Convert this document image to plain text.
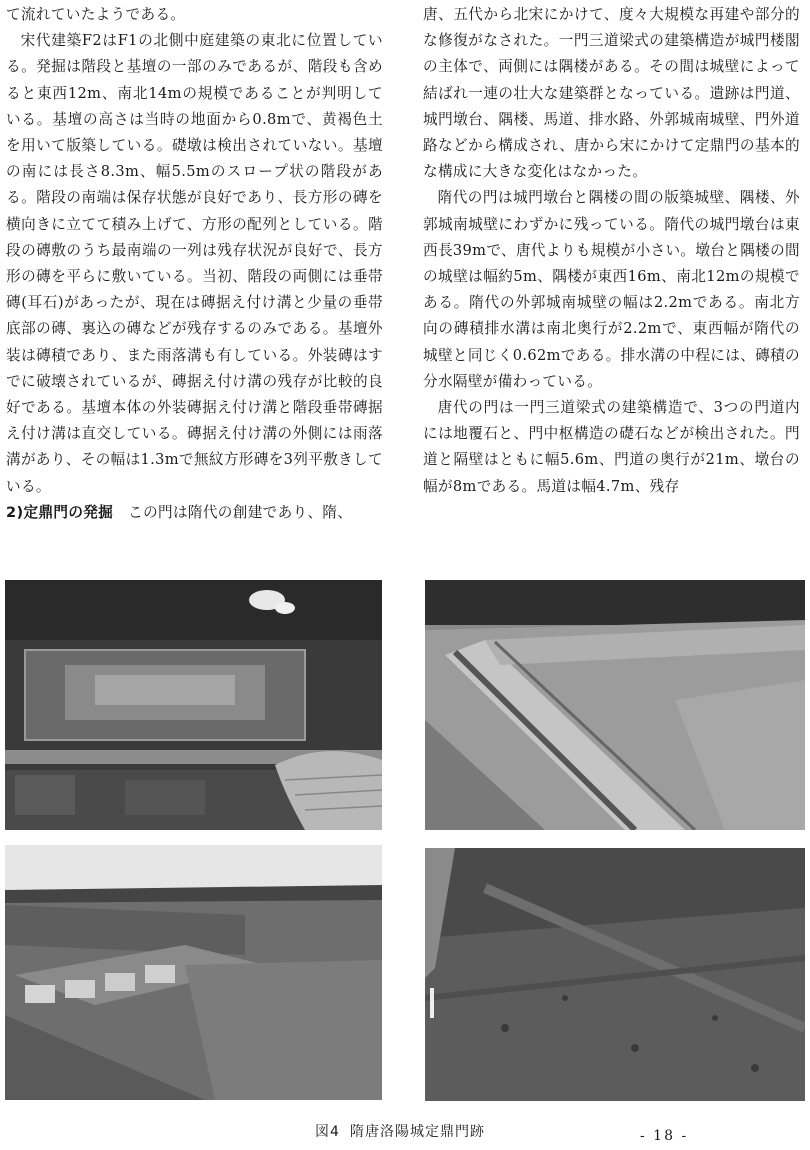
て流れていたようである。

宋代建築F2はF1の北側中庭建築の東北に位置している。発掘は階段と基壇の一部のみであるが、階段も含めると東西12m、南北14mの規模であることが判明している。基壇の高さは当時の地面から0.8mで、黄褐色土を用いて版築している。礎墩は検出されていない。基壇の南には長さ8.3m、幅5.5mのスロープ状の階段がある。階段の南端は保存状態が良好であり、長方形の磚を横向きに立てて積み上げて、方形の配列としている。階段の磚敷のうち最南端の一列は残存状況が良好で、長方形の磚を平らに敷いている。当初、階段の両側には垂帯磚(耳石)があったが、現在は磚据え付け溝と少量の垂帯底部の磚、裏込の磚などが残存するのみである。基壇外装は磚積であり、また雨落溝も有している。外装磚はすでに破壊されているが、磚据え付け溝の残存が比較的良好である。基壇本体の外装磚据え付け溝と階段垂帯磚据え付け溝は直交している。磚据え付け溝の外側には雨落溝があり、その幅は1.3mで無紋方形磚を3列平敷きしている。

2)定鼎門の発掘　 この門は隋代の創建であり、隋、

唐、五代から北宋にかけて、度々大規模な再建や部分的な修復がなされた。一門三道梁式の建築構造が城門楼閣の主体で、両側には隅楼がある。その間は城壁によって結ばれ一連の壮大な建築群となっている。遺跡は門道、城門墩台、隅楼、馬道、排水路、外郭城南城壁、門外道路などから構成され、唐から宋にかけて定鼎門の基本的な構成に大きな変化はなかった。

隋代の門は城門墩台と隅楼の間の版築城壁、隅楼、外郭城南城壁にわずかに残っている。隋代の城門墩台は東西長39mで、唐代よりも規模が小さい。墩台と隅楼の間の城壁は幅約5m、隅楼が東西16m、南北12mの規模である。隋代の外郭城南城壁の幅は2.2mである。南北方向の磚積排水溝は南北奥行が2.2mで、東西幅が隋代の城壁と同じく0.62mである。排水溝の中程には、磚積の分水隔壁が備わっている。

唐代の門は一門三道梁式の建築構造で、3つの門道内には地覆石と、門中枢構造の礎石などが検出された。門道と隔壁はともに幅5.6m、門道の奥行が21m、墩台の幅が8mである。馬道は幅4.7m、残存

図4 隋唐洛陽城定鼎門跡	- 18 -
